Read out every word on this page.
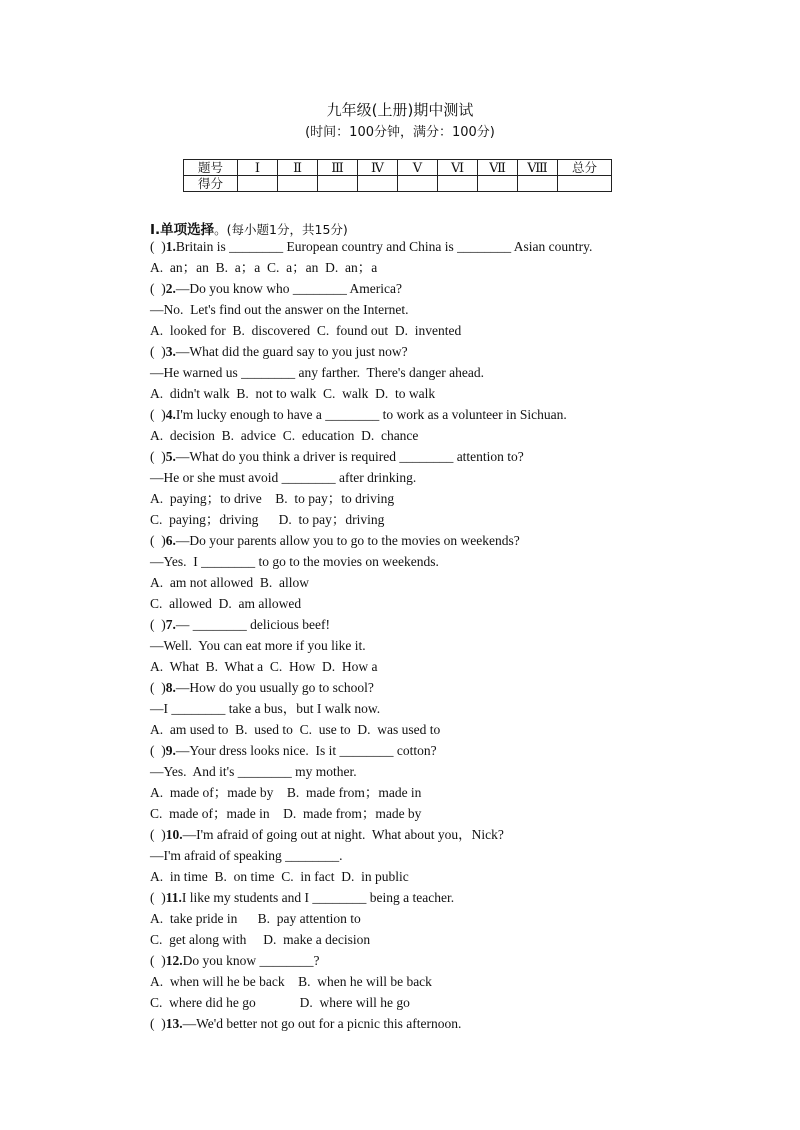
九年级(上册)期中测试
(时间：100分钟，满分：100分)
题号	Ⅰ	Ⅱ	Ⅲ	Ⅳ	Ⅴ	Ⅵ	Ⅶ	Ⅷ	总分
得分									
Ⅰ.单项选择。(每小题1分，共15分)
(  )1.Britain is ________ European country and China is ________ Asian country.
A.  an；an  B.  a；a  C.  a；an  D.  an；a
(  )2.—Do you know who ________ America?
—No.  Let's find out the answer on the Internet.
A.  looked for  B.  discovered  C.  found out  D.  invented
(  )3.—What did the guard say to you just now?
—He warned us ________ any farther.  There's danger ahead.
A.  didn't walk  B.  not to walk  C.  walk  D.  to walk
(  )4.I'm lucky enough to have a ________ to work as a volunteer in Sichuan.
A.  decision  B.  advice  C.  education  D.  chance
(  )5.—What do you think a driver is required ________ attention to?
—He or she must avoid ________ after drinking.
A.  paying；to drive    B.  to pay；to driving
C.  paying；driving      D.  to pay；driving
(  )6.—Do your parents allow you to go to the movies on weekends?
—Yes.  I ________ to go to the movies on weekends.
A.  am not allowed  B.  allow
C.  allowed  D.  am allowed
(  )7.— ________ delicious beef!
—Well.  You can eat more if you like it.
A.  What  B.  What a  C.  How  D.  How a
(  )8.—How do you usually go to school?
—I ________ take a bus，but I walk now.
A.  am used to  B.  used to  C.  use to  D.  was used to
(  )9.—Your dress looks nice.  Is it ________ cotton?
—Yes.  And it's ________ my mother.
A.  made of；made by    B.  made from；made in
C.  made of；made in    D.  made from；made by
(  )10.—I'm afraid of going out at night.  What about you，Nick?
—I'm afraid of speaking ________.
A.  in time  B.  on time  C.  in fact  D.  in public
(  )11.I like my students and I ________ being a teacher.
A.  take pride in      B.  pay attention to
C.  get along with     D.  make a decision
(  )12.Do you know ________?
A.  when will he be back    B.  when he will be back
C.  where did he go             D.  where will he go
(  )13.—We'd better not go out for a picnic this afternoon.
